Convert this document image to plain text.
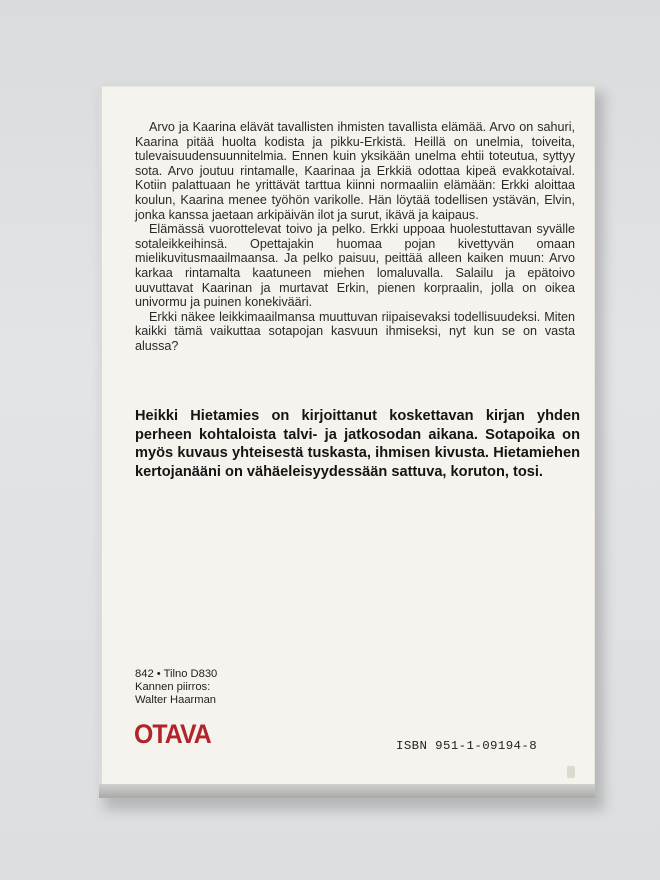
Arvo ja Kaarina elävät tavallisten ihmisten tavallista elämää. Arvo on sahuri, Kaarina pitää huolta kodista ja pikku-Erkistä. Heillä on unelmia, toiveita, tulevaisuudensuunnitelmia. Ennen kuin yksikään unelma ehtii toteutua, syttyy sota. Arvo joutuu rintamalle, Kaarinaa ja Erkkiä odottaa kipeä evakkotaival. Kotiin palattuaan he yrittävät tarttua kiinni normaaliin elämään: Erkki aloittaa koulun, Kaarina menee työhön varikolle. Hän löytää todellisen ystävän, Elvin, jonka kanssa jaetaan arkipäivän ilot ja surut, ikävä ja kaipaus.

Elämässä vuorottelevat toivo ja pelko. Erkki uppoaa huolestuttavan syvälle sotaleikkeihinsä. Opettajakin huomaa pojan kivettyvän omaan mielikuvitusmaailmaansa. Ja pelko paisuu, peittää alleen kaiken muun: Arvo karkaa rintamalta kaatuneen miehen lomaluvalla. Salailu ja epätoivo uuvuttavat Kaarinan ja murtavat Erkin, pienen korpraalin, jolla on oikea univormu ja puinen konekivääri.

Erkki näkee leikkimaailmansa muuttuvan riipaisevaksi todellisuudeksi. Miten kaikki tämä vaikuttaa sotapojan kasvuun ihmiseksi, nyt kun se on vasta alussa?

Heikki Hietamies on kirjoittanut koskettavan kirjan yhden perheen kohtaloista talvi- ja jatkosodan aikana. Sotapoika on myös kuvaus yhteisestä tuskasta, ihmisen kivusta. Hietamiehen kertojanääni on vähäeleisyydessään sattuva, koruton, tosi.

842 • Tilno D830
Kannen piirros:
Walter Haarman
OTAVA	ISBN 951-1-09194-8
